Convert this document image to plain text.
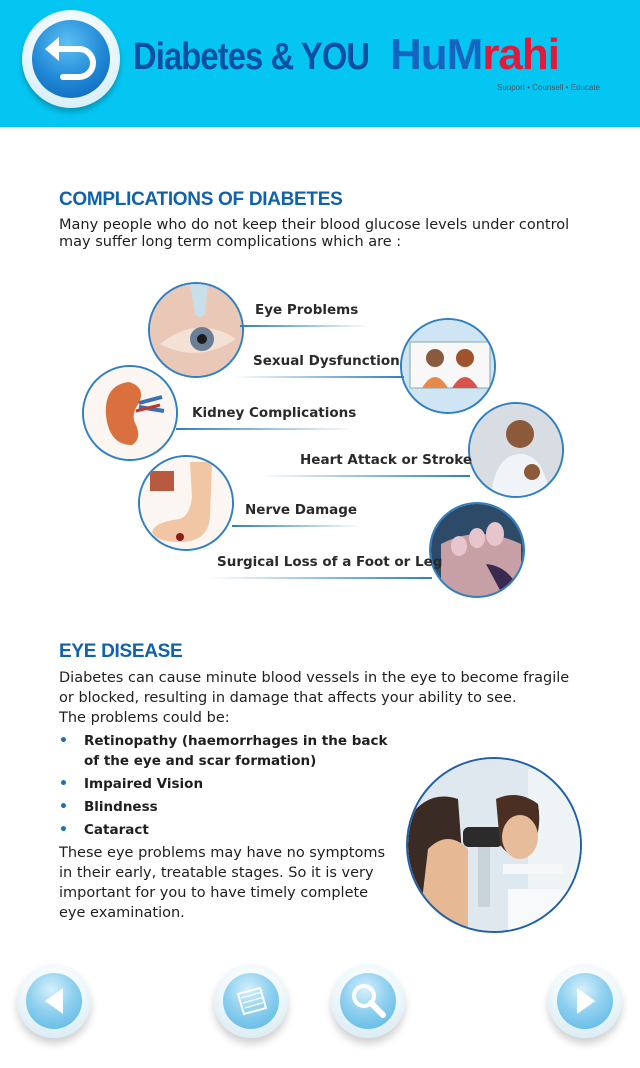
Diabetes & YOU HuMrahi
Support • Counsell • Educate
COMPLICATIONS OF DIABETES
Many people who do not keep their blood glucose levels under control may suffer long term complications which are :
Eye Problems
Sexual Dysfunction
Kidney Complications
Heart Attack or Stroke
Nerve Damage
Surgical Loss of a Foot or Leg
EYE DISEASE
Diabetes can cause minute blood vessels in the eye to become fragile
or blocked, resulting in damage that affects your ability to see.
The problems could be:
• Retinopathy (haemorrhages in the back of the eye and scar formation)
• Impaired Vision
• Blindness
• Cataract
These eye problems may have no symptoms
in their early, treatable stages. So it is very
important for you to have timely complete
eye examination.
